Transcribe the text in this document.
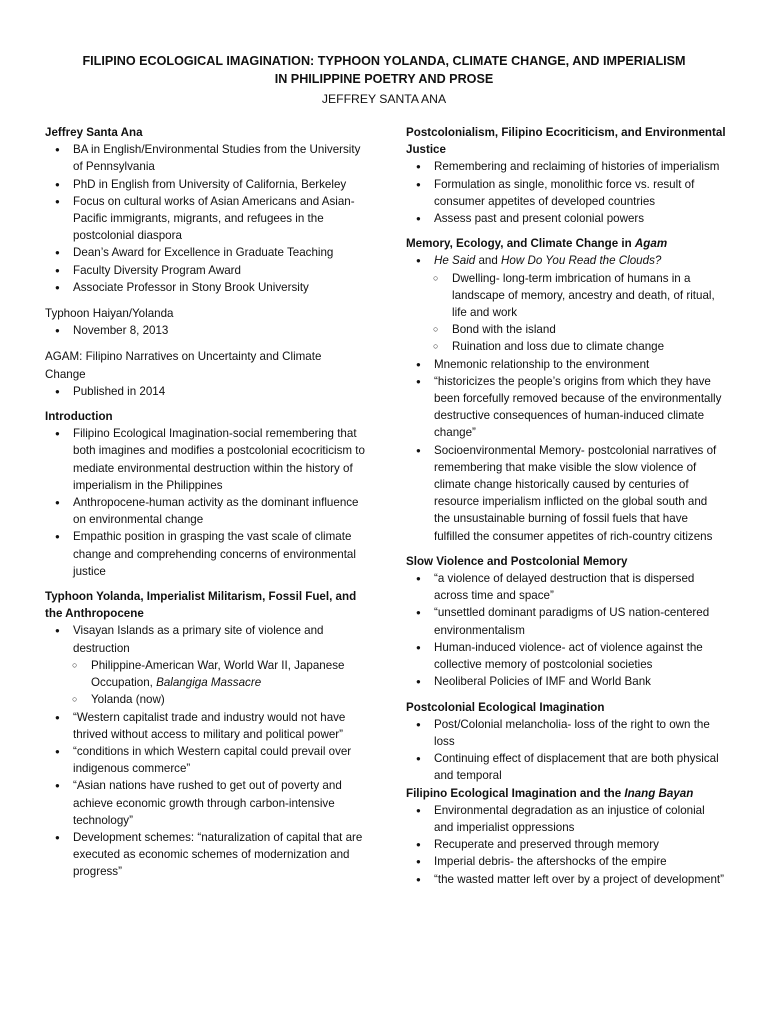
FILIPINO ECOLOGICAL IMAGINATION: TYPHOON YOLANDA, CLIMATE CHANGE, AND IMPERIALISM
IN PHILIPPINE POETRY AND PROSE
JEFFREY SANTA ANA
Jeffrey Santa Ana
● BA in English/Environmental Studies from the University of Pennsylvania
● PhD in English from University of California, Berkeley
● Focus on cultural works of Asian Americans and Asian-Pacific immigrants, migrants, and refugees in the postcolonial diaspora
● Dean’s Award for Excellence in Graduate Teaching
● Faculty Diversity Program Award
● Associate Professor in Stony Brook University
Typhoon Haiyan/Yolanda
● November 8, 2013
AGAM: Filipino Narratives on Uncertainty and Climate Change
● Published in 2014
Introduction
● Filipino Ecological Imagination-social remembering that both imagines and modifies a postcolonial ecocriticism to mediate environmental destruction within the history of imperialism in the Philippines
● Anthropocene-human activity as the dominant influence on environmental change
● Empathic position in grasping the vast scale of climate change and comprehending concerns of environmental justice
Typhoon Yolanda, Imperialist Militarism, Fossil Fuel, and the Anthropocene
● Visayan Islands as a primary site of violence and destruction
○ Philippine-American War, World War II, Japanese Occupation, Balangiga Massacre
○ Yolanda (now)
● “Western capitalist trade and industry would not have thrived without access to military and political power”
● “conditions in which Western capital could prevail over indigenous commerce”
● “Asian nations have rushed to get out of poverty and achieve economic growth through carbon-intensive technology”
● Development schemes: “naturalization of capital that are executed as economic schemes of modernization and progress”
Postcolonialism, Filipino Ecocriticism, and Environmental Justice
● Remembering and reclaiming of histories of imperialism
● Formulation as single, monolithic force vs. result of consumer appetites of developed countries
● Assess past and present colonial powers
Memory, Ecology, and Climate Change in Agam
● He Said and How Do You Read the Clouds?
○ Dwelling- long-term imbrication of humans in a landscape of memory, ancestry and death, of ritual, life and work
○ Bond with the island
○ Ruination and loss due to climate change
● Mnemonic relationship to the environment
● “historicizes the people’s origins from which they have been forcefully removed because of the environmentally destructive consequences of human-induced climate change”
● Socioenvironmental Memory- postcolonial narratives of remembering that make visible the slow violence of climate change historically caused by centuries of resource imperialism inflicted on the global south and the unsustainable burning of fossil fuels that have fulfilled the consumer appetites of rich-country citizens
Slow Violence and Postcolonial Memory
● “a violence of delayed destruction that is dispersed across time and space”
● “unsettled dominant paradigms of US nation-centered environmentalism
● Human-induced violence- act of violence against the collective memory of postcolonial societies
● Neoliberal Policies of IMF and World Bank
Postcolonial Ecological Imagination
● Post/Colonial melancholia- loss of the right to own the loss
● Continuing effect of displacement that are both physical and temporal
Filipino Ecological Imagination and the Inang Bayan
● Environmental degradation as an injustice of colonial and imperialist oppressions
● Recuperate and preserved through memory
● Imperial debris- the aftershocks of the empire
● “the wasted matter left over by a project of development”
